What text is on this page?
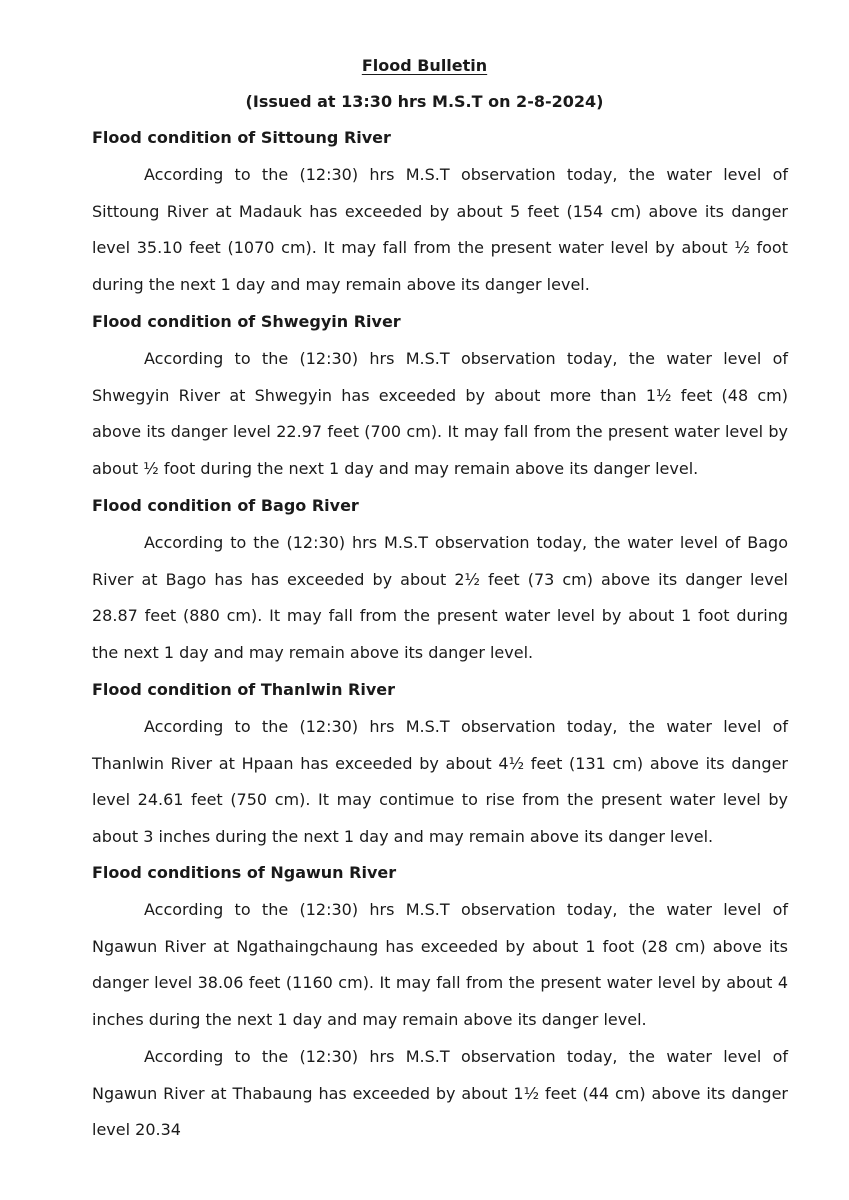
Flood Bulletin
(Issued at 13:30 hrs M.S.T on 2-8-2024)
Flood condition of Sittoung River

According to the (12:30) hrs M.S.T observation today, the water level of Sittoung River at Madauk has exceeded by about 5 feet (154 cm) above its danger level 35.10 feet (1070 cm). It may fall from the present water level by about ½ foot during the next 1 day and may remain above its danger level.

Flood condition of Shwegyin River

According to the (12:30) hrs M.S.T observation today, the water level of Shwegyin River at Shwegyin has exceeded by about more than 1½ feet (48 cm) above its danger level 22.97 feet (700 cm). It may fall from the present water level by about ½ foot during the next 1 day and may remain above its danger level.

Flood condition of Bago River

According to the (12:30) hrs M.S.T observation today, the water level of Bago River at Bago has has exceeded by about 2½ feet (73 cm) above its danger level 28.87 feet (880 cm). It may fall from the present water level by about 1 foot during the next 1 day and may remain above its danger level.

Flood condition of Thanlwin River

According to the (12:30) hrs M.S.T observation today, the water level of Thanlwin River at Hpaan has exceeded by about 4½ feet (131 cm) above its danger level 24.61 feet (750 cm). It may contimue to rise from the present water level by about 3 inches during the next 1 day and may remain above its danger level.

Flood conditions of Ngawun River

According to the (12:30) hrs M.S.T observation today, the water level of Ngawun River at Ngathaingchaung has exceeded by about 1 foot (28 cm) above its danger level 38.06 feet (1160 cm). It may fall from the present water level by about 4 inches during the next 1 day and may remain above its danger level.

According to the (12:30) hrs M.S.T observation today, the water level of Ngawun River at Thabaung has exceeded by about 1½ feet (44 cm) above its danger level 20.34
